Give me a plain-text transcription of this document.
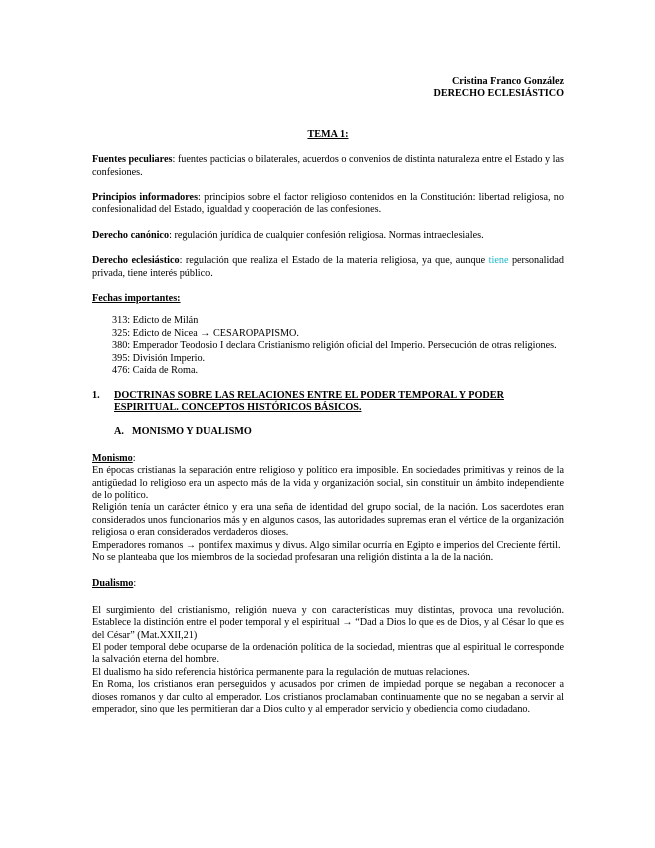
Cristina Franco González
DERECHO ECLESIÁSTICO
TEMA 1:

Fuentes peculiares: fuentes pacticias o bilaterales, acuerdos o convenios de distinta naturaleza entre el Estado y las confesiones.

Principios informadores: principios sobre el factor religioso contenidos en la Constitución: libertad religiosa, no confesionalidad del Estado, igualdad y cooperación de las confesiones.

Derecho canónico: regulación jurídica de cualquier confesión religiosa. Normas intraeclesiales.

Derecho eclesiástico: regulación que realiza el Estado de la materia religiosa, ya que, aunque tiene personalidad privada, tiene interés público.

Fechas importantes:

313: Edicto de Milán

325: Edicto de Nicea → CESAROPAPISMO.

380: Emperador Teodosio I declara Cristianismo religión oficial del Imperio. Persecución de otras religiones.

395: División Imperio.

476: Caída de Roma.

1.	DOCTRINAS SOBRE LAS RELACIONES ENTRE EL PODER TEMPORAL Y PODER ESPIRITUAL. CONCEPTOS HISTÓRICOS BÁSICOS.
A. MONISMO Y DUALISMO

Monismo:

En épocas cristianas la separación entre religioso y político era imposible. En sociedades primitivas y reinos de la antigüedad lo religioso era un aspecto más de la vida y organización social, sin constituir un ámbito independiente de lo político.

Religión tenía un carácter étnico y era una seña de identidad del grupo social, de la nación. Los sacerdotes eran considerados unos funcionarios más y en algunos casos, las autoridades supremas eran el vértice de la organización religiosa o eran considerados verdaderos dioses.

Emperadores romanos → pontifex maximus y divus. Algo similar ocurría en Egipto e imperios del Creciente fértil.

No se planteaba que los miembros de la sociedad profesaran una religión distinta a la de la nación.

Dualismo:

El surgimiento del cristianismo, religión nueva y con características muy distintas, provoca una revolución. Establece la distinción entre el poder temporal y el espiritual → “Dad a Dios lo que es de Dios, y al César lo que es del César” (Mat.XXII,21)

El poder temporal debe ocuparse de la ordenación política de la sociedad, mientras que al espiritual le corresponde la salvación eterna del hombre.

El dualismo ha sido referencia histórica permanente para la regulación de mutuas relaciones.

En Roma, los cristianos eran perseguidos y acusados por crimen de impiedad porque se negaban a reconocer a dioses romanos y dar culto al emperador. Los cristianos proclamaban continuamente que no se negaban a servir al emperador, sino que les permitieran dar a Dios culto y al emperador servicio y obediencia como ciudadano.
